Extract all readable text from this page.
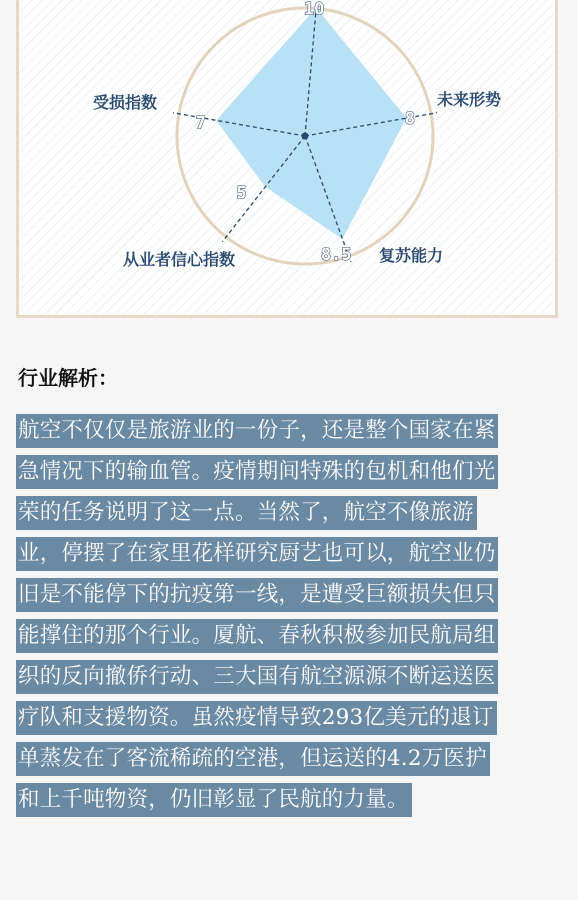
10
8
8.5
5
7
未来形势
复苏能力
从业者信心指数
受损指数
行业解析：
航空不仅仅是旅游业的一份子，还是整个国家在紧
急情况下的输血管。疫情期间特殊的包机和他们光
荣的任务说明了这一点。当然了，航空不像旅游
业，停摆了在家里花样研究厨艺也可以，航空业仍
旧是不能停下的抗疫第一线，是遭受巨额损失但只
能撑住的那个行业。厦航、春秋积极参加民航局组
织的反向撤侨行动、三大国有航空源源不断运送医
疗队和支援物资。虽然疫情导致293亿美元的退订
单蒸发在了客流稀疏的空港，但运送的4.2万医护
和上千吨物资，仍旧彰显了民航的力量。
